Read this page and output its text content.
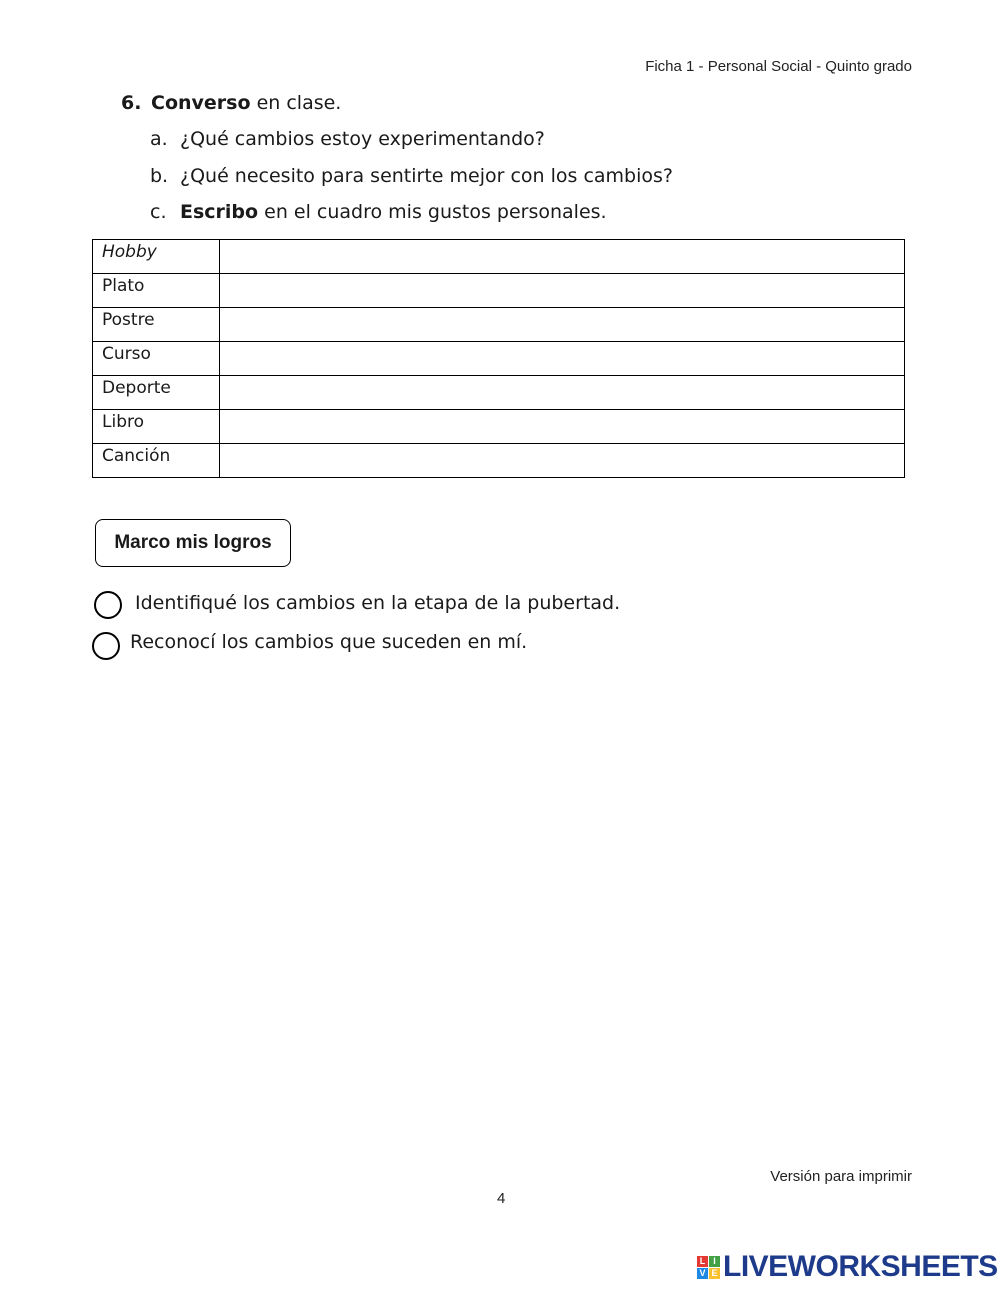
Ficha 1 - Personal Social - Quinto grado
6. Converso en clase.
a. ¿Qué cambios estoy experimentando?
b. ¿Qué necesito para sentirte mejor con los cambios?
c. Escribo en el cuadro mis gustos personales.
Hobby	
Plato	
Postre	
Curso	
Deporte	
Libro	
Canción	
Marco mis logros
Identifiqué los cambios en la etapa de la pubertad.
Reconocí los cambios que suceden en mí.
Versión para imprimir
4
L I
V E LIVEWORKSHEETS
